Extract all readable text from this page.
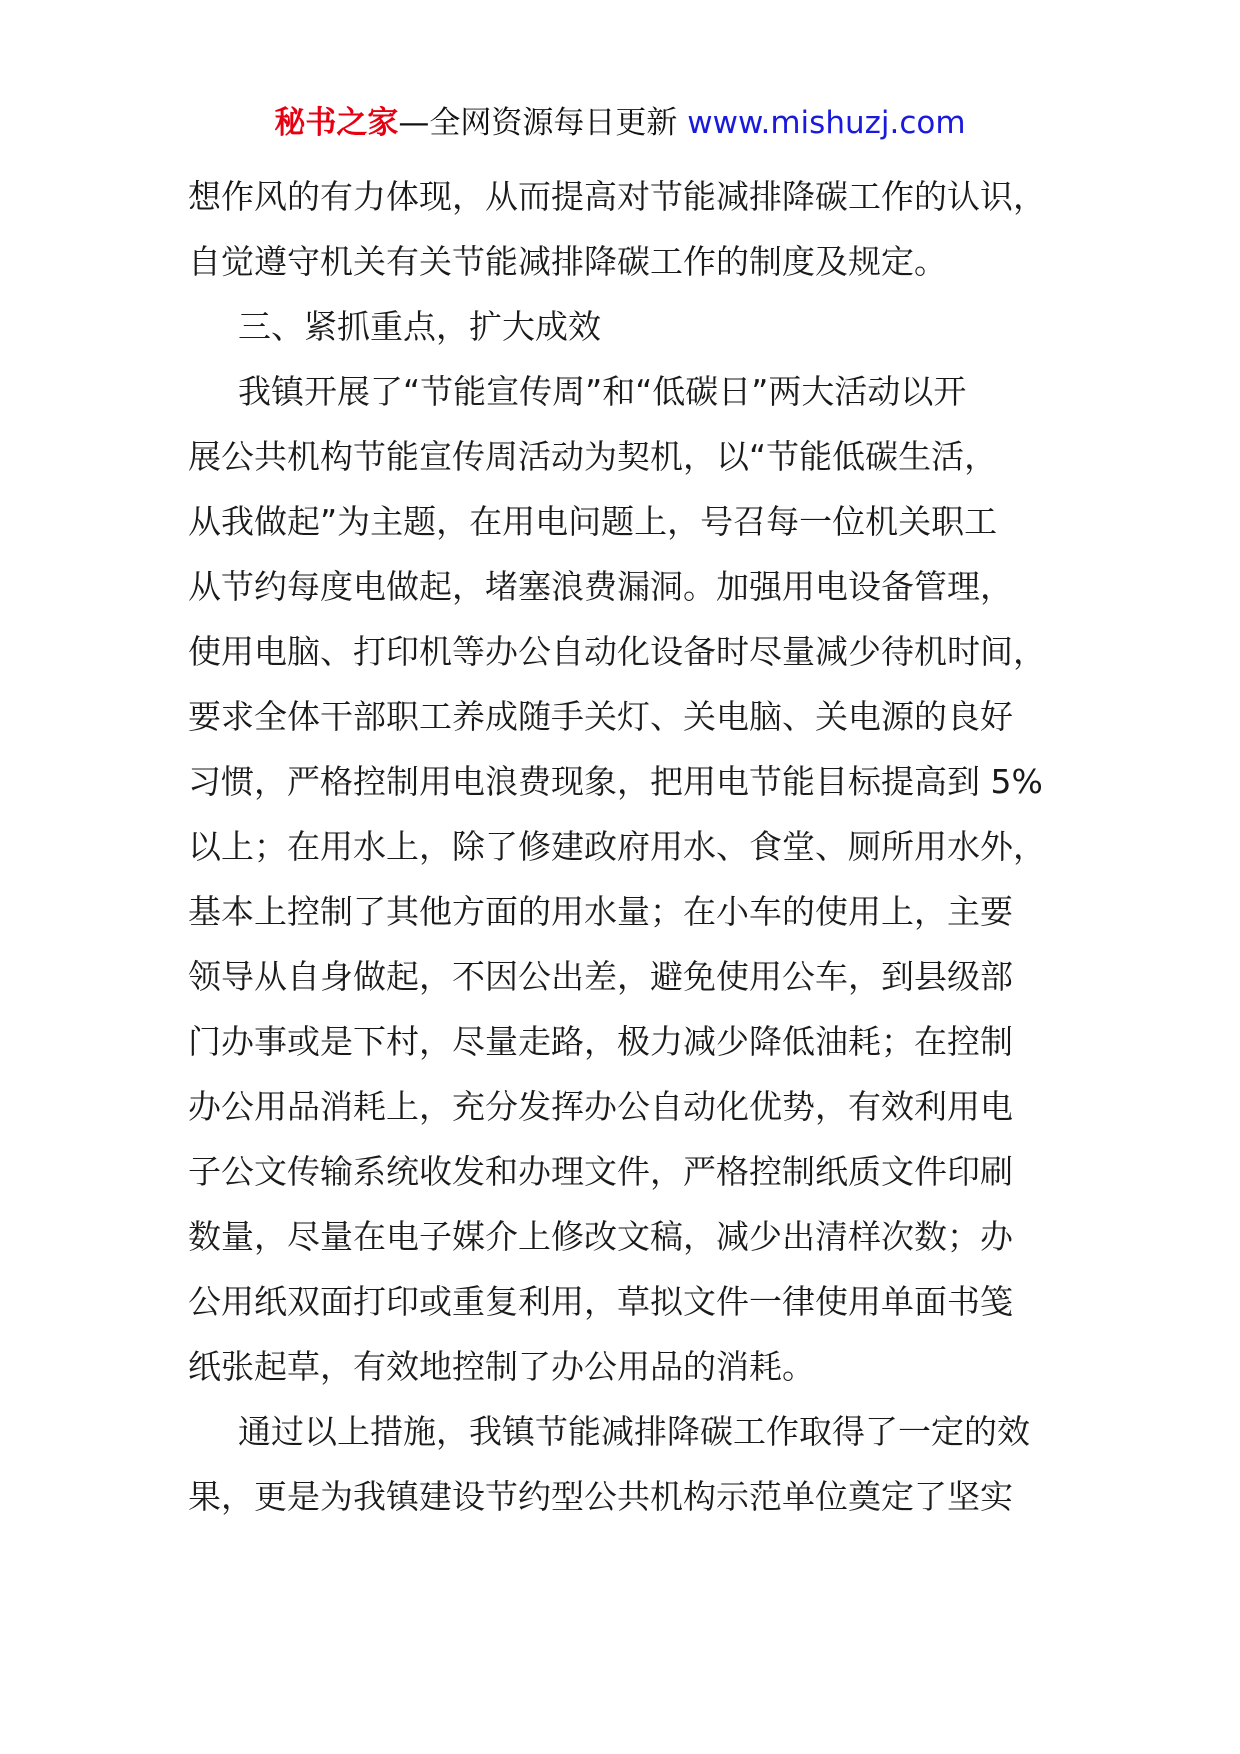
秘书之家—全网资源每日更新 www.mishuzj.com
想作风的有力体现，从而提高对节能减排降碳工作的认识，
自觉遵守机关有关节能减排降碳工作的制度及规定。
三、紧抓重点，扩大成效
我镇开展了“节能宣传周”和“低碳日”两大活动以开
展公共机构节能宣传周活动为契机，以“节能低碳生活，
从我做起”为主题，在用电问题上，号召每一位机关职工
从节约每度电做起，堵塞浪费漏洞。加强用电设备管理，
使用电脑、打印机等办公自动化设备时尽量减少待机时间，
要求全体干部职工养成随手关灯、关电脑、关电源的良好
习惯，严格控制用电浪费现象，把用电节能目标提高到 5%
以上；在用水上，除了修建政府用水、食堂、厕所用水外，
基本上控制了其他方面的用水量；在小车的使用上，主要
领导从自身做起，不因公出差，避免使用公车，到县级部
门办事或是下村，尽量走路，极力减少降低油耗；在控制
办公用品消耗上，充分发挥办公自动化优势，有效利用电
子公文传输系统收发和办理文件，严格控制纸质文件印刷
数量，尽量在电子媒介上修改文稿，减少出清样次数；办
公用纸双面打印或重复利用，草拟文件一律使用单面书笺
纸张起草，有效地控制了办公用品的消耗。
通过以上措施，我镇节能减排降碳工作取得了一定的效
果，更是为我镇建设节约型公共机构示范单位奠定了坚实
